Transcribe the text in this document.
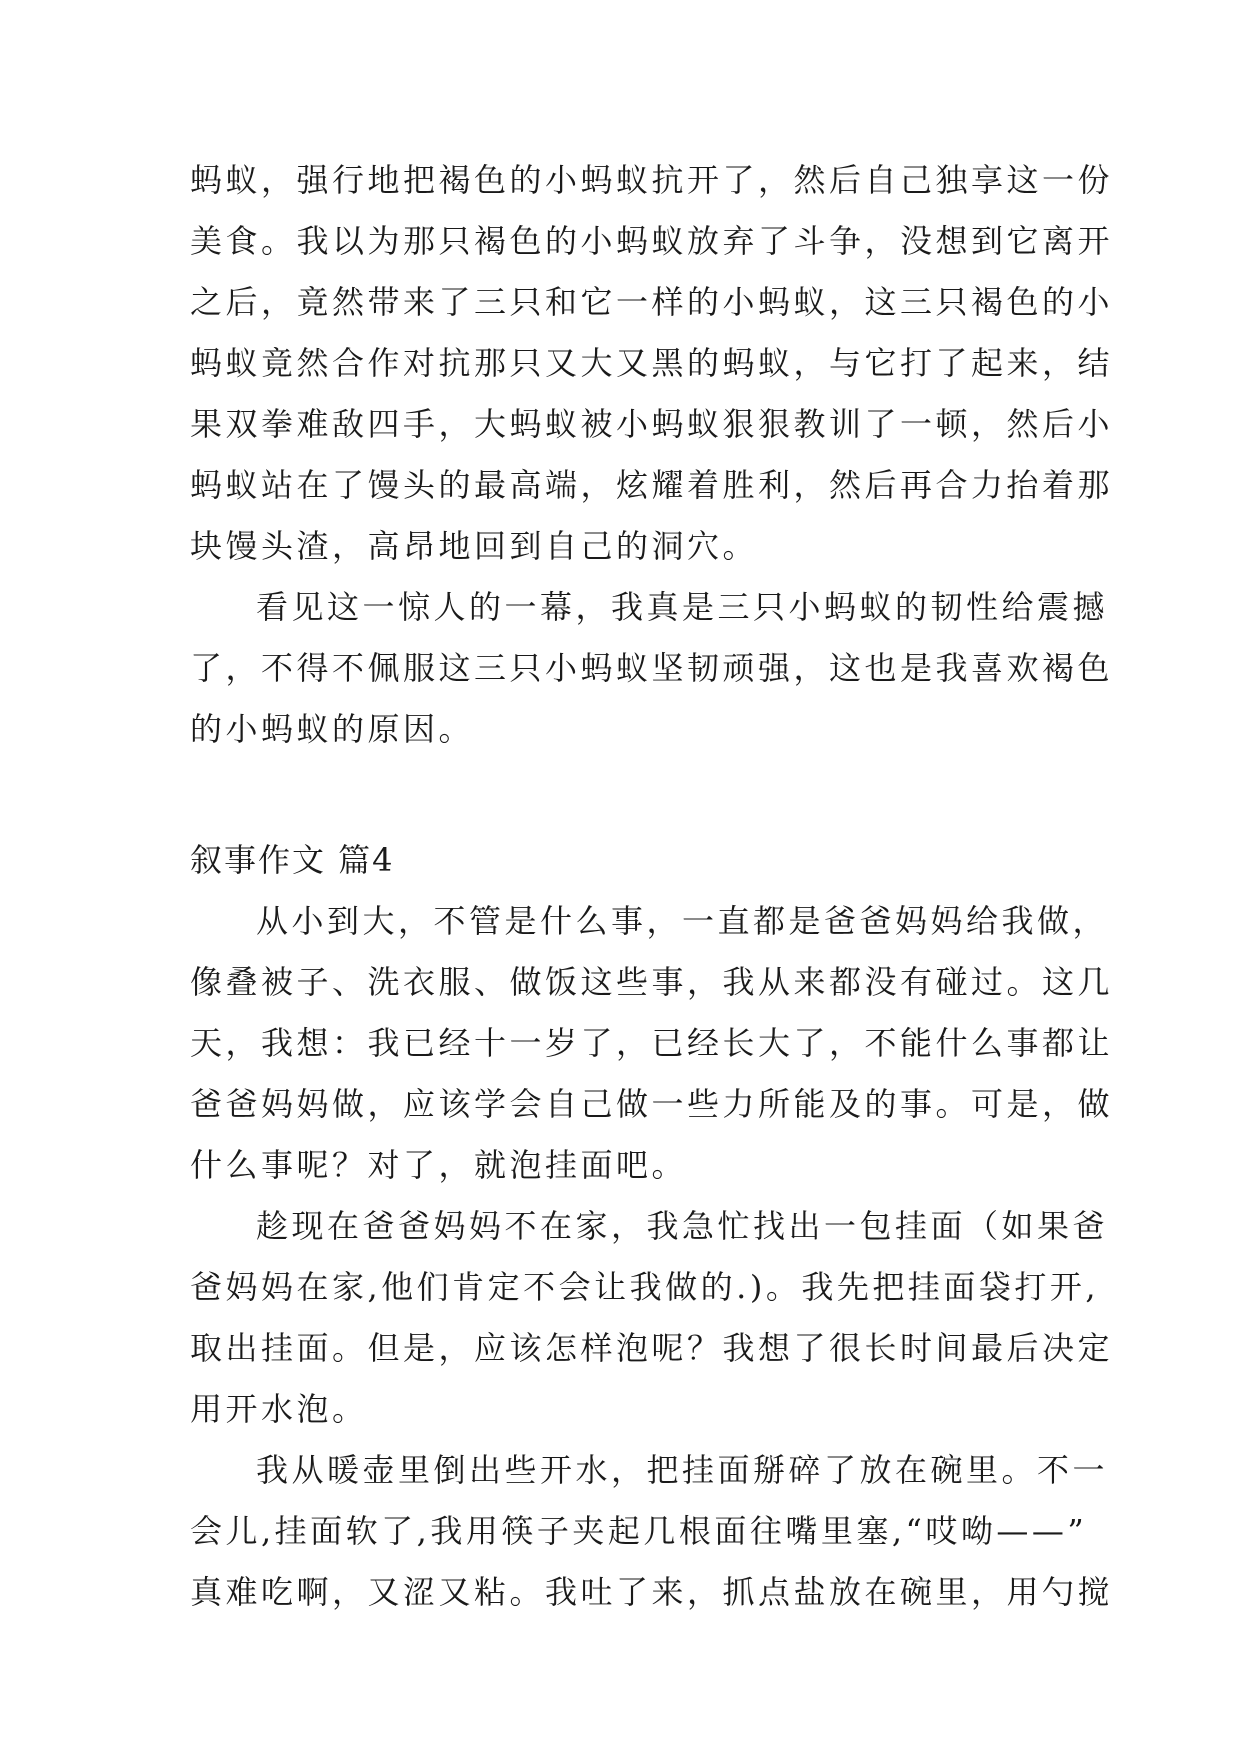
蚂蚁，强行地把褐色的小蚂蚁抗开了，然后自己独享这一份
美食。我以为那只褐色的小蚂蚁放弃了斗争，没想到它离开
之后，竟然带来了三只和它一样的小蚂蚁，这三只褐色的小
蚂蚁竟然合作对抗那只又大又黑的蚂蚁，与它打了起来，结
果双拳难敌四手，大蚂蚁被小蚂蚁狠狠教训了一顿，然后小
蚂蚁站在了馒头的最高端，炫耀着胜利，然后再合力抬着那
块馒头渣，高昂地回到自己的洞穴。
看见这一惊人的一幕，我真是三只小蚂蚁的韧性给震撼
了，不得不佩服这三只小蚂蚁坚韧顽强，这也是我喜欢褐色
的小蚂蚁的原因。
叙事作文 篇4
从小到大，不管是什么事，一直都是爸爸妈妈给我做，
像叠被子、洗衣服、做饭这些事，我从来都没有碰过。这几
天，我想：我已经十一岁了，已经长大了，不能什么事都让
爸爸妈妈做，应该学会自己做一些力所能及的事。可是，做
什么事呢？对了，就泡挂面吧。
趁现在爸爸妈妈不在家，我急忙找出一包挂面（如果爸
爸妈妈在家,他们肯定不会让我做的.)。我先把挂面袋打开,
取出挂面。但是，应该怎样泡呢？我想了很长时间最后决定
用开水泡。
我从暖壶里倒出些开水，把挂面掰碎了放在碗里。不一
会儿,挂面软了,我用筷子夹起几根面往嘴里塞,“哎呦——”
真难吃啊，又涩又粘。我吐了来，抓点盐放在碗里，用勺搅
